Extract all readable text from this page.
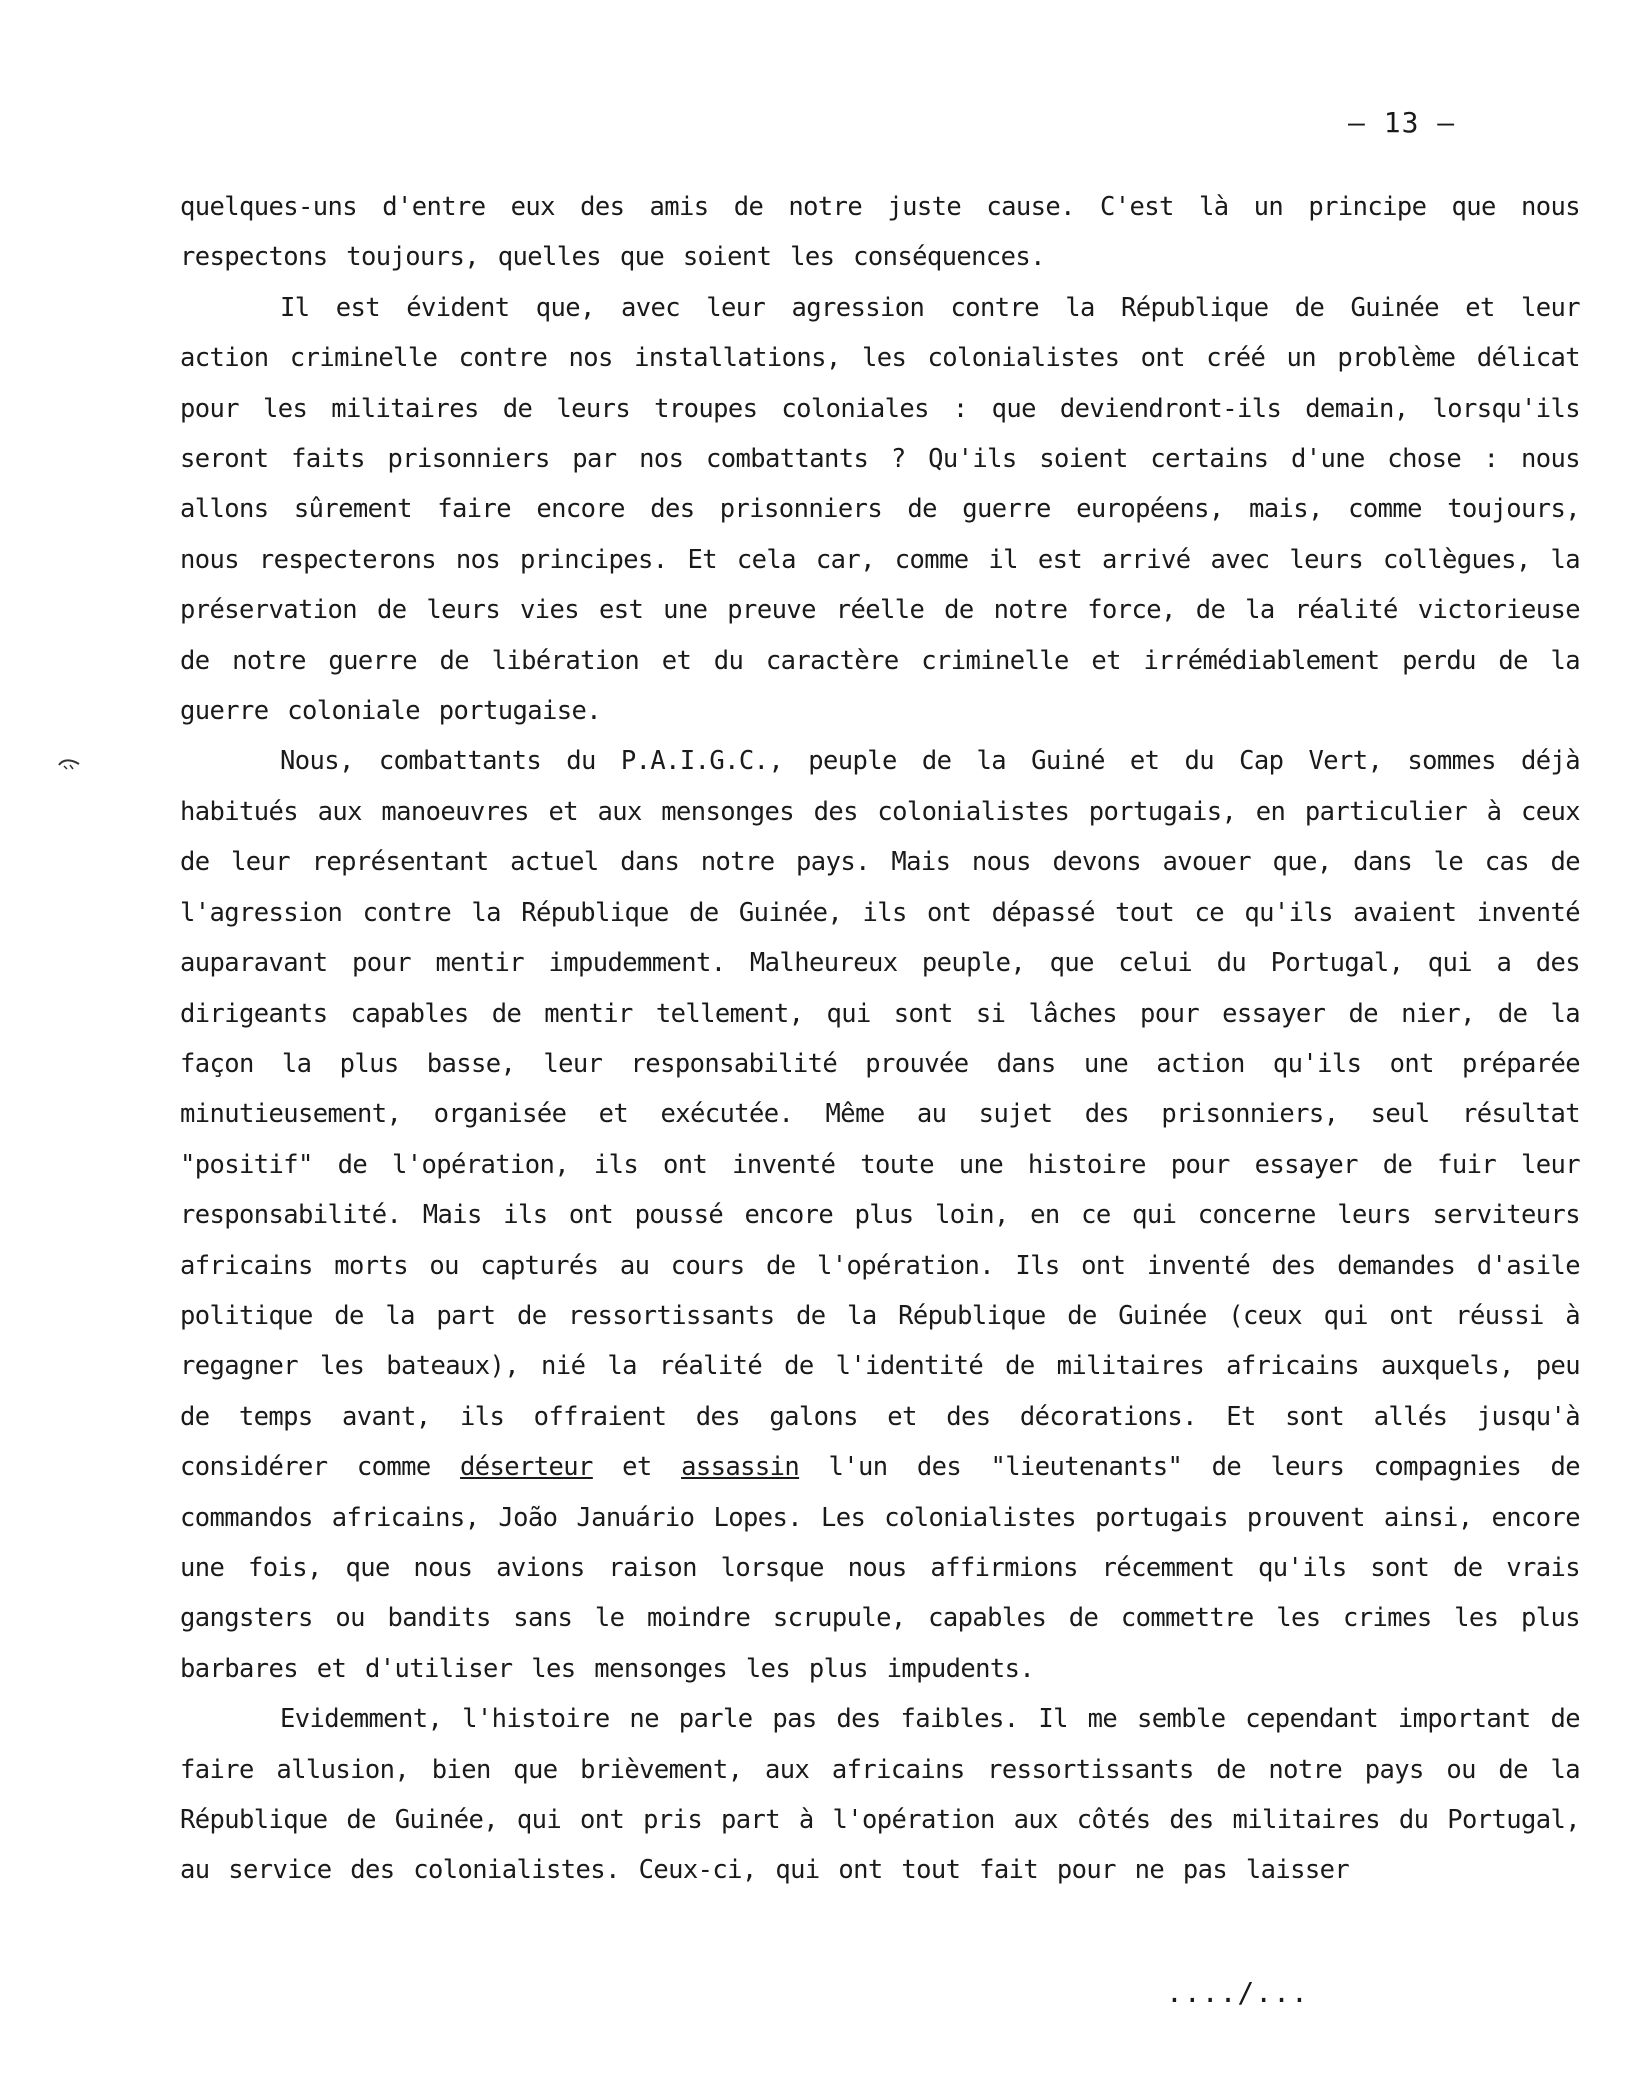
– 13 –

quelques-uns d'entre eux des amis de notre juste cause. C'est là un principe que nous respectons toujours, quelles que soient les conséquences.

Il est évident que, avec leur agression contre la République de Guinée et leur action criminelle contre nos installations, les colonialistes ont créé un problème délicat pour les militaires de leurs troupes coloniales : que deviendront-ils demain, lorsqu'ils seront faits prisonniers par nos combattants ? Qu'ils soient certains d'une chose : nous allons sûrement faire encore des prisonniers de guerre européens, mais, comme toujours, nous respecterons nos principes. Et cela car, comme il est arrivé avec leurs collègues, la préservation de leurs vies est une preuve réelle de notre force, de la réalité victorieuse de notre guerre de libération et du caractère criminelle et irrémédiablement perdu de la guerre coloniale portugaise.

Nous, combattants du P.A.I.G.C., peuple de la Guiné et du Cap Vert, sommes déjà habitués aux manoeuvres et aux mensonges des colonialistes portugais, en particulier à ceux de leur représentant actuel dans notre pays. Mais nous devons avouer que, dans le cas de l'agression contre la République de Guinée, ils ont dépassé tout ce qu'ils avaient inventé auparavant pour mentir impudemment. Malheureux peuple, que celui du Portugal, qui a des dirigeants capables de mentir tellement, qui sont si lâches pour essayer de nier, de la façon la plus basse, leur responsabilité prouvée dans une action qu'ils ont préparée minutieusement, organisée et exécutée. Même au sujet des prisonniers, seul résultat "positif" de l'opération, ils ont inventé toute une histoire pour essayer de fuir leur responsabilité. Mais ils ont poussé encore plus loin, en ce qui concerne leurs serviteurs africains morts ou capturés au cours de l'opération. Ils ont inventé des demandes d'asile politique de la part de ressortissants de la République de Guinée (ceux qui ont réussi à regagner les bateaux), nié la réalité de l'identité de militaires africains auxquels, peu de temps avant, ils offraient des galons et des décorations. Et sont allés jusqu'à considérer comme déserteur et assassin l'un des "lieutenants" de leurs compagnies de commandos africains, João Januário Lopes. Les colonialistes portugais prouvent ainsi, encore une fois, que nous avions raison lorsque nous affirmions récemment qu'ils sont de vrais gangsters ou bandits sans le moindre scrupule, capables de commettre les crimes les plus barbares et d'utiliser les mensonges les plus impudents.

Evidemment, l'histoire ne parle pas des faibles. Il me semble cependant important de faire allusion, bien que brièvement, aux africains ressortissants de notre pays ou de la République de Guinée, qui ont pris part à l'opération aux côtés des militaires du Portugal, au service des colonialistes. Ceux-ci, qui ont tout fait pour ne pas laisser

..../...
